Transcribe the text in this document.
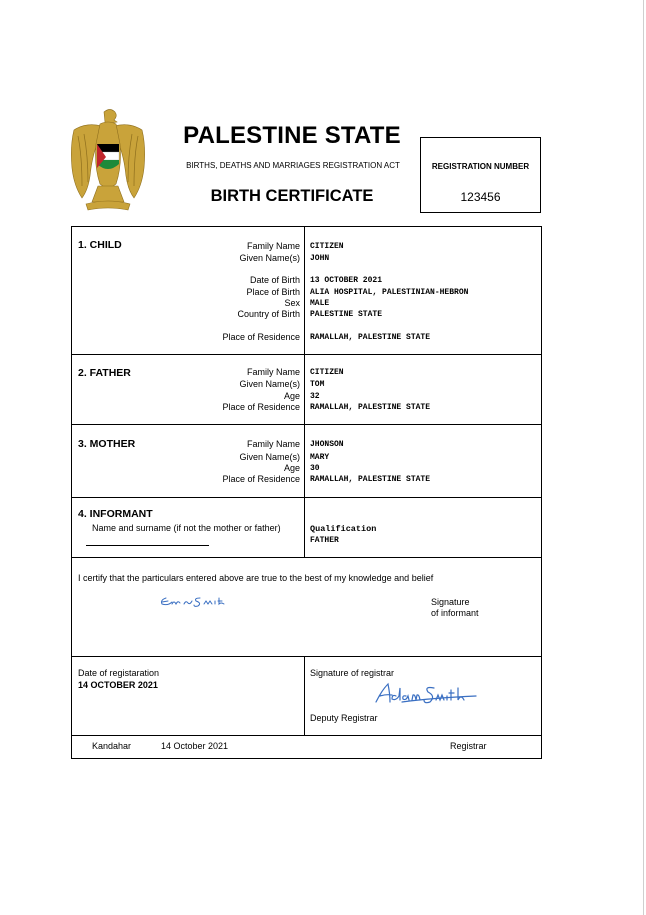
PALESTINE STATE
BIRTHS, DEATHS AND MARRIAGES REGISTRATION ACT
BIRTH CERTIFICATE
REGISTRATION NUMBER
123456
1. CHILD	Family Name CITIZEN
Given Name(s) JOHN
Date of Birth 13 OCTOBER 2021
Place of Birth ALIA HOSPITAL, PALESTINIAN-HEBRON
Sex MALE
Country of Birth PALESTINE STATE
Place of Residence RAMALLAH, PALESTINE STATE
2. FATHER	Family Name CITIZEN
Given Name(s) TOM
Age 32
Place of Residence RAMALLAH, PALESTINE STATE
3. MOTHER	Family Name JHONSON
Given Name(s) MARY
Age 30
Place of Residence RAMALLAH, PALESTINE STATE
4. INFORMANT
Name and surname (if not the mother or father)	Qualification
FATHER
I certify that the particulars entered above are true to the best of my knowledge and belief
Signature
of informant
Date of registaration
14 OCTOBER 2021
Signature of registrar
Deputy Registrar
Kandahar	14 October 2021	Registrar
